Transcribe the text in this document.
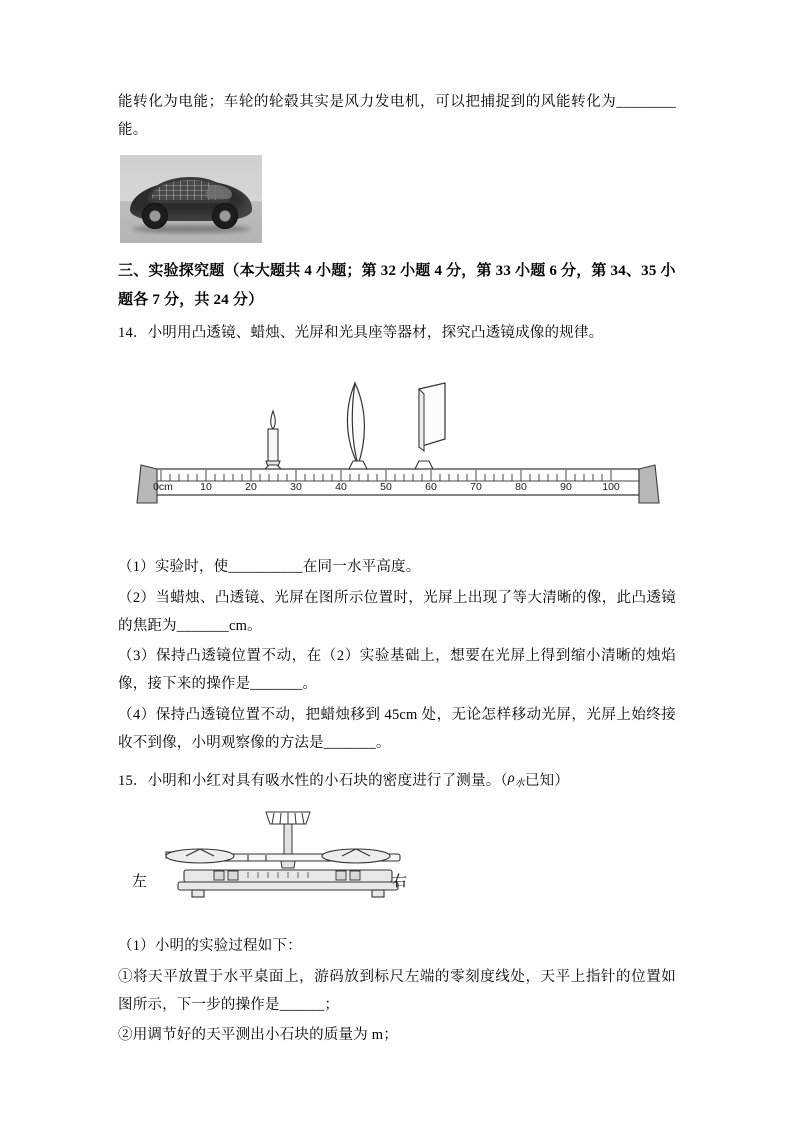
能转化为电能；车轮的轮毂其实是风力发电机，可以把捕捉到的风能转化为________能。

三、实验探究题（本大题共 4 小题；第 32 小题 4 分，第 33 小题 6 分，第 34、35 小题各 7 分，共 24 分）

14．小明用凸透镜、蜡烛、光屏和光具座等器材，探究凸透镜成像的规律。

0cm	10	20	30	40	50	60	70	80	90	100

（1）实验时，使__________在同一水平高度。

（2）当蜡烛、凸透镜、光屏在图所示位置时，光屏上出现了等大清晰的像，此凸透镜的焦距为_______cm。

（3）保持凸透镜位置不动，在（2）实验基础上，想要在光屏上得到缩小清晰的烛焰像，接下来的操作是_______。

（4）保持凸透镜位置不动，把蜡烛移到 45cm 处，无论怎样移动光屏，光屏上始终接收不到像，小明观察像的方法是_______。

15．小明和小红对具有吸水性的小石块的密度进行了测量。（$\rho_水$已知）

左	右

（1）小明的实验过程如下：

①将天平放置于水平桌面上，游码放到标尺左端的零刻度线处，天平上指针的位置如图所示，下一步的操作是______；

②用调节好的天平测出小石块的质量为 m；
